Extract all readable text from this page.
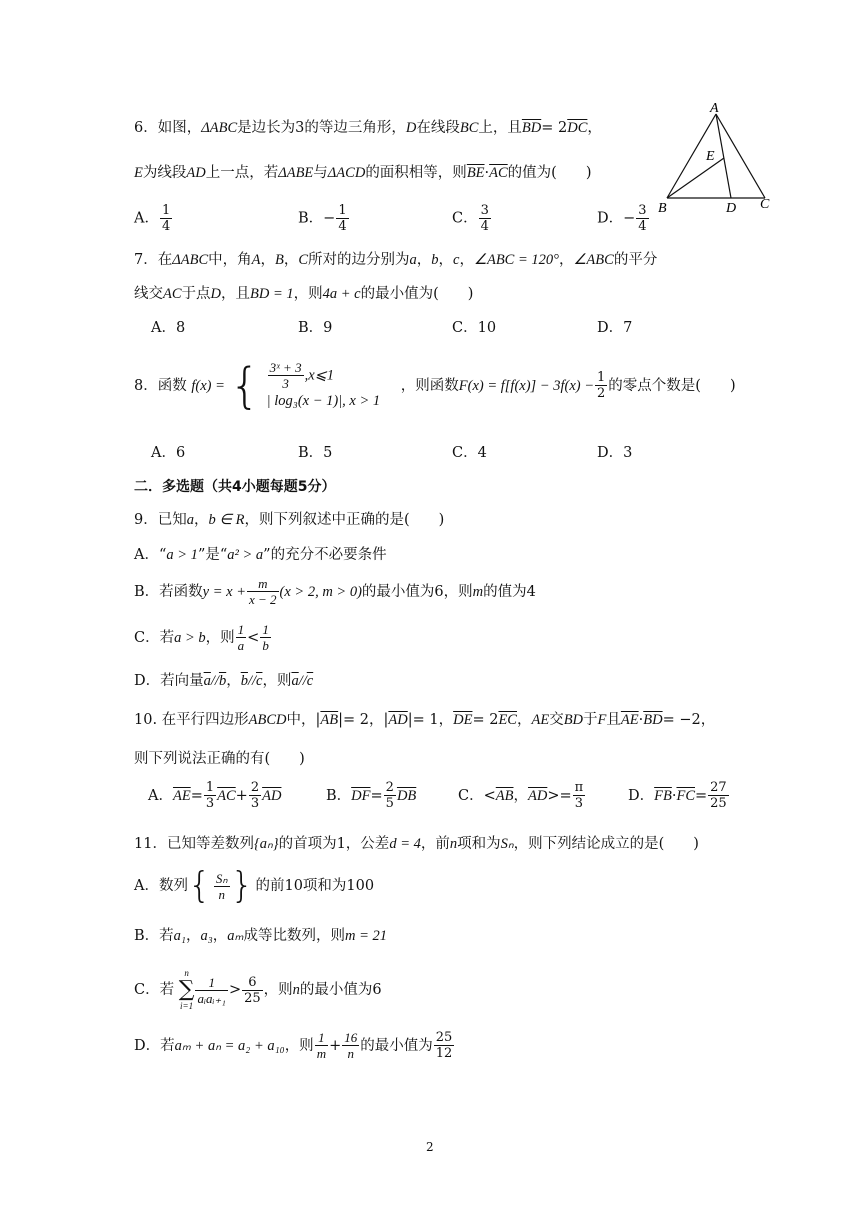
6．如图，ΔABC是边长为3的等边三角形，D在线段BC上，且$\overline{BD}= 2\overline{DC}$，
E为线段AD上一点，若ΔABE与ΔACD的面积相等，则$\overline{BE}\cdot\overline{AC}$的值为(　　)
A． $\frac{1}{4}$	B．− $\frac{1}{4}$	C． $\frac{3}{4}$	D．− $\frac{3}{4}$
A
E
B	D C
7．在ΔABC中，角A，B，C所对的边分别为a，b，c，∠ABC = 120°，∠ABC的平分
线交AC于点D，且BD = 1，则4a + c的最小值为(　　)
A．8	B．9	C．10	D．7
8．函数 f(x) = { $\frac{\text{3ˣ + 3}}{3}$ ,x⩽1
| log₃(x − 1)|, x > 1
，则函数$F(x) = f[f(x)] - 3f(x) - \frac{1}{2}$ 的零点个数是(　　)
A．6	B．5	C．4	D．3
二．多选题（共4小题每题5分）
9．已知a，b ∈ R，则下列叙述中正确的是(　　)
A．“a > 1”是“a² > a”的充分不必要条件
B．若函数$y = x + \frac{m}{x - 2} (x > 2$, m > 0)的最小值为6，则m的值为4
C．若a > b，则 $\frac{1}{a} < \frac{1}{b}$
D．若向量$\overline{a}//\overline{b}$，$\overline{b}//\overline{c}$，则$\overline{a}//\overline{c}$
10. 在平行四边形ABCD中，$|\overline{AB}|= 2$，$|\overline{AD}|= 1$，$\overline{DE}= 2\overline{EC}$，AE交BD于F且$\overline{AE}\cdot\overline{BD}= -2$，
则下列说法正确的有(　　)
A．$\overline{AE}= \frac{1}{3} \overline{AC}+ \frac{2}{3} \overline{AD}$	B．$\overline{DF}= \frac{2}{5} \overline{DB}$	C．$<\overline{AB}$，$\overline{AD}>= \frac{\pi}{3}$	D．$\overline{FB}\cdot\overline{FC}= \frac{27}{25}$
11．已知等差数列{aₙ}的首项为1，公差d = 4，前n项和为Sₙ，则下列结论成立的是(　　)
A．数列{ $\frac{\text{Sₙ}}{n}$ } 的前10项和为100
B．若a₁，a₃，aₘ成等比数列，则m = 21
C．若
n
∑
i=1
$\frac{1}{\text{aᵢaᵢ₊₁}} > \frac{6}{25}$ ，则n的最小值为6
D．若aₘ + aₙ = a₂ + a₁₀，则 $\frac{1}{m} + \frac{16}{n}$ 的最小值为 $\frac{25}{12}$
2
